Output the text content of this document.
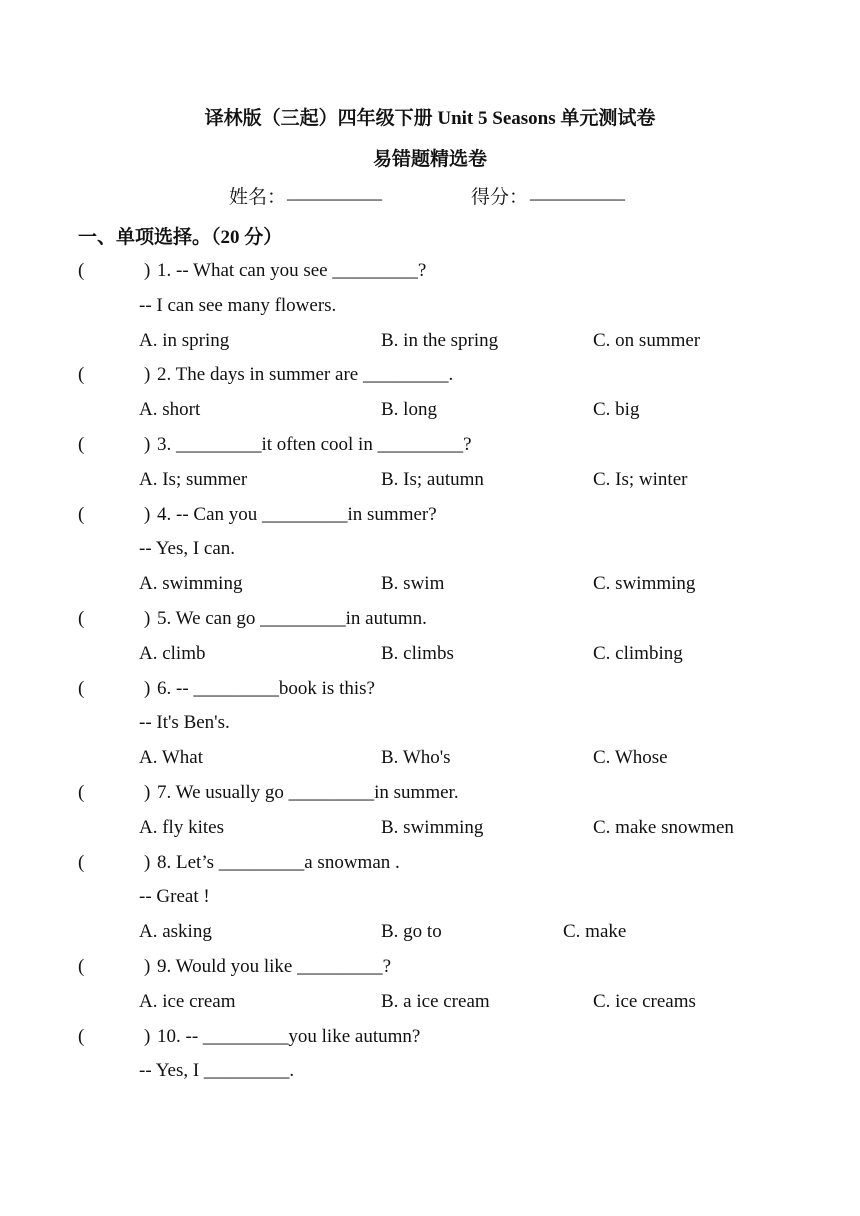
译林版（三起）四年级下册 Unit 5 Seasons 单元测试卷
易错题精选卷
姓名： __________	得分： __________
一、单项选择。（20 分）
(	) 1. -- What can you see _________?
-- I can see many flowers.
A. in spring	B. in the spring	C. on summer
(	) 2. The days in summer are _________.
A. short	B. long	C. big
(	) 3. _________it often cool in _________?
A. Is; summer	B. Is; autumn	C. Is; winter
(	) 4. -- Can you _________in summer?
-- Yes, I can.
A. swimming	B. swim	C. swimming
(	) 5. We can go _________in autumn.
A. climb	B. climbs	C. climbing
(	) 6. -- _________book is this?
-- It's Ben's.
A. What	B. Who's	C. Whose
(	) 7. We usually go _________in summer.
A. fly kites	B. swimming	C. make snowmen
(	) 8. Let’s _________a snowman .
-- Great !
A. asking	B. go to	C. make
(	) 9. Would you like _________?
A. ice cream	B. a ice cream	C. ice creams
(	) 10. -- _________you like autumn?
-- Yes, I _________.
